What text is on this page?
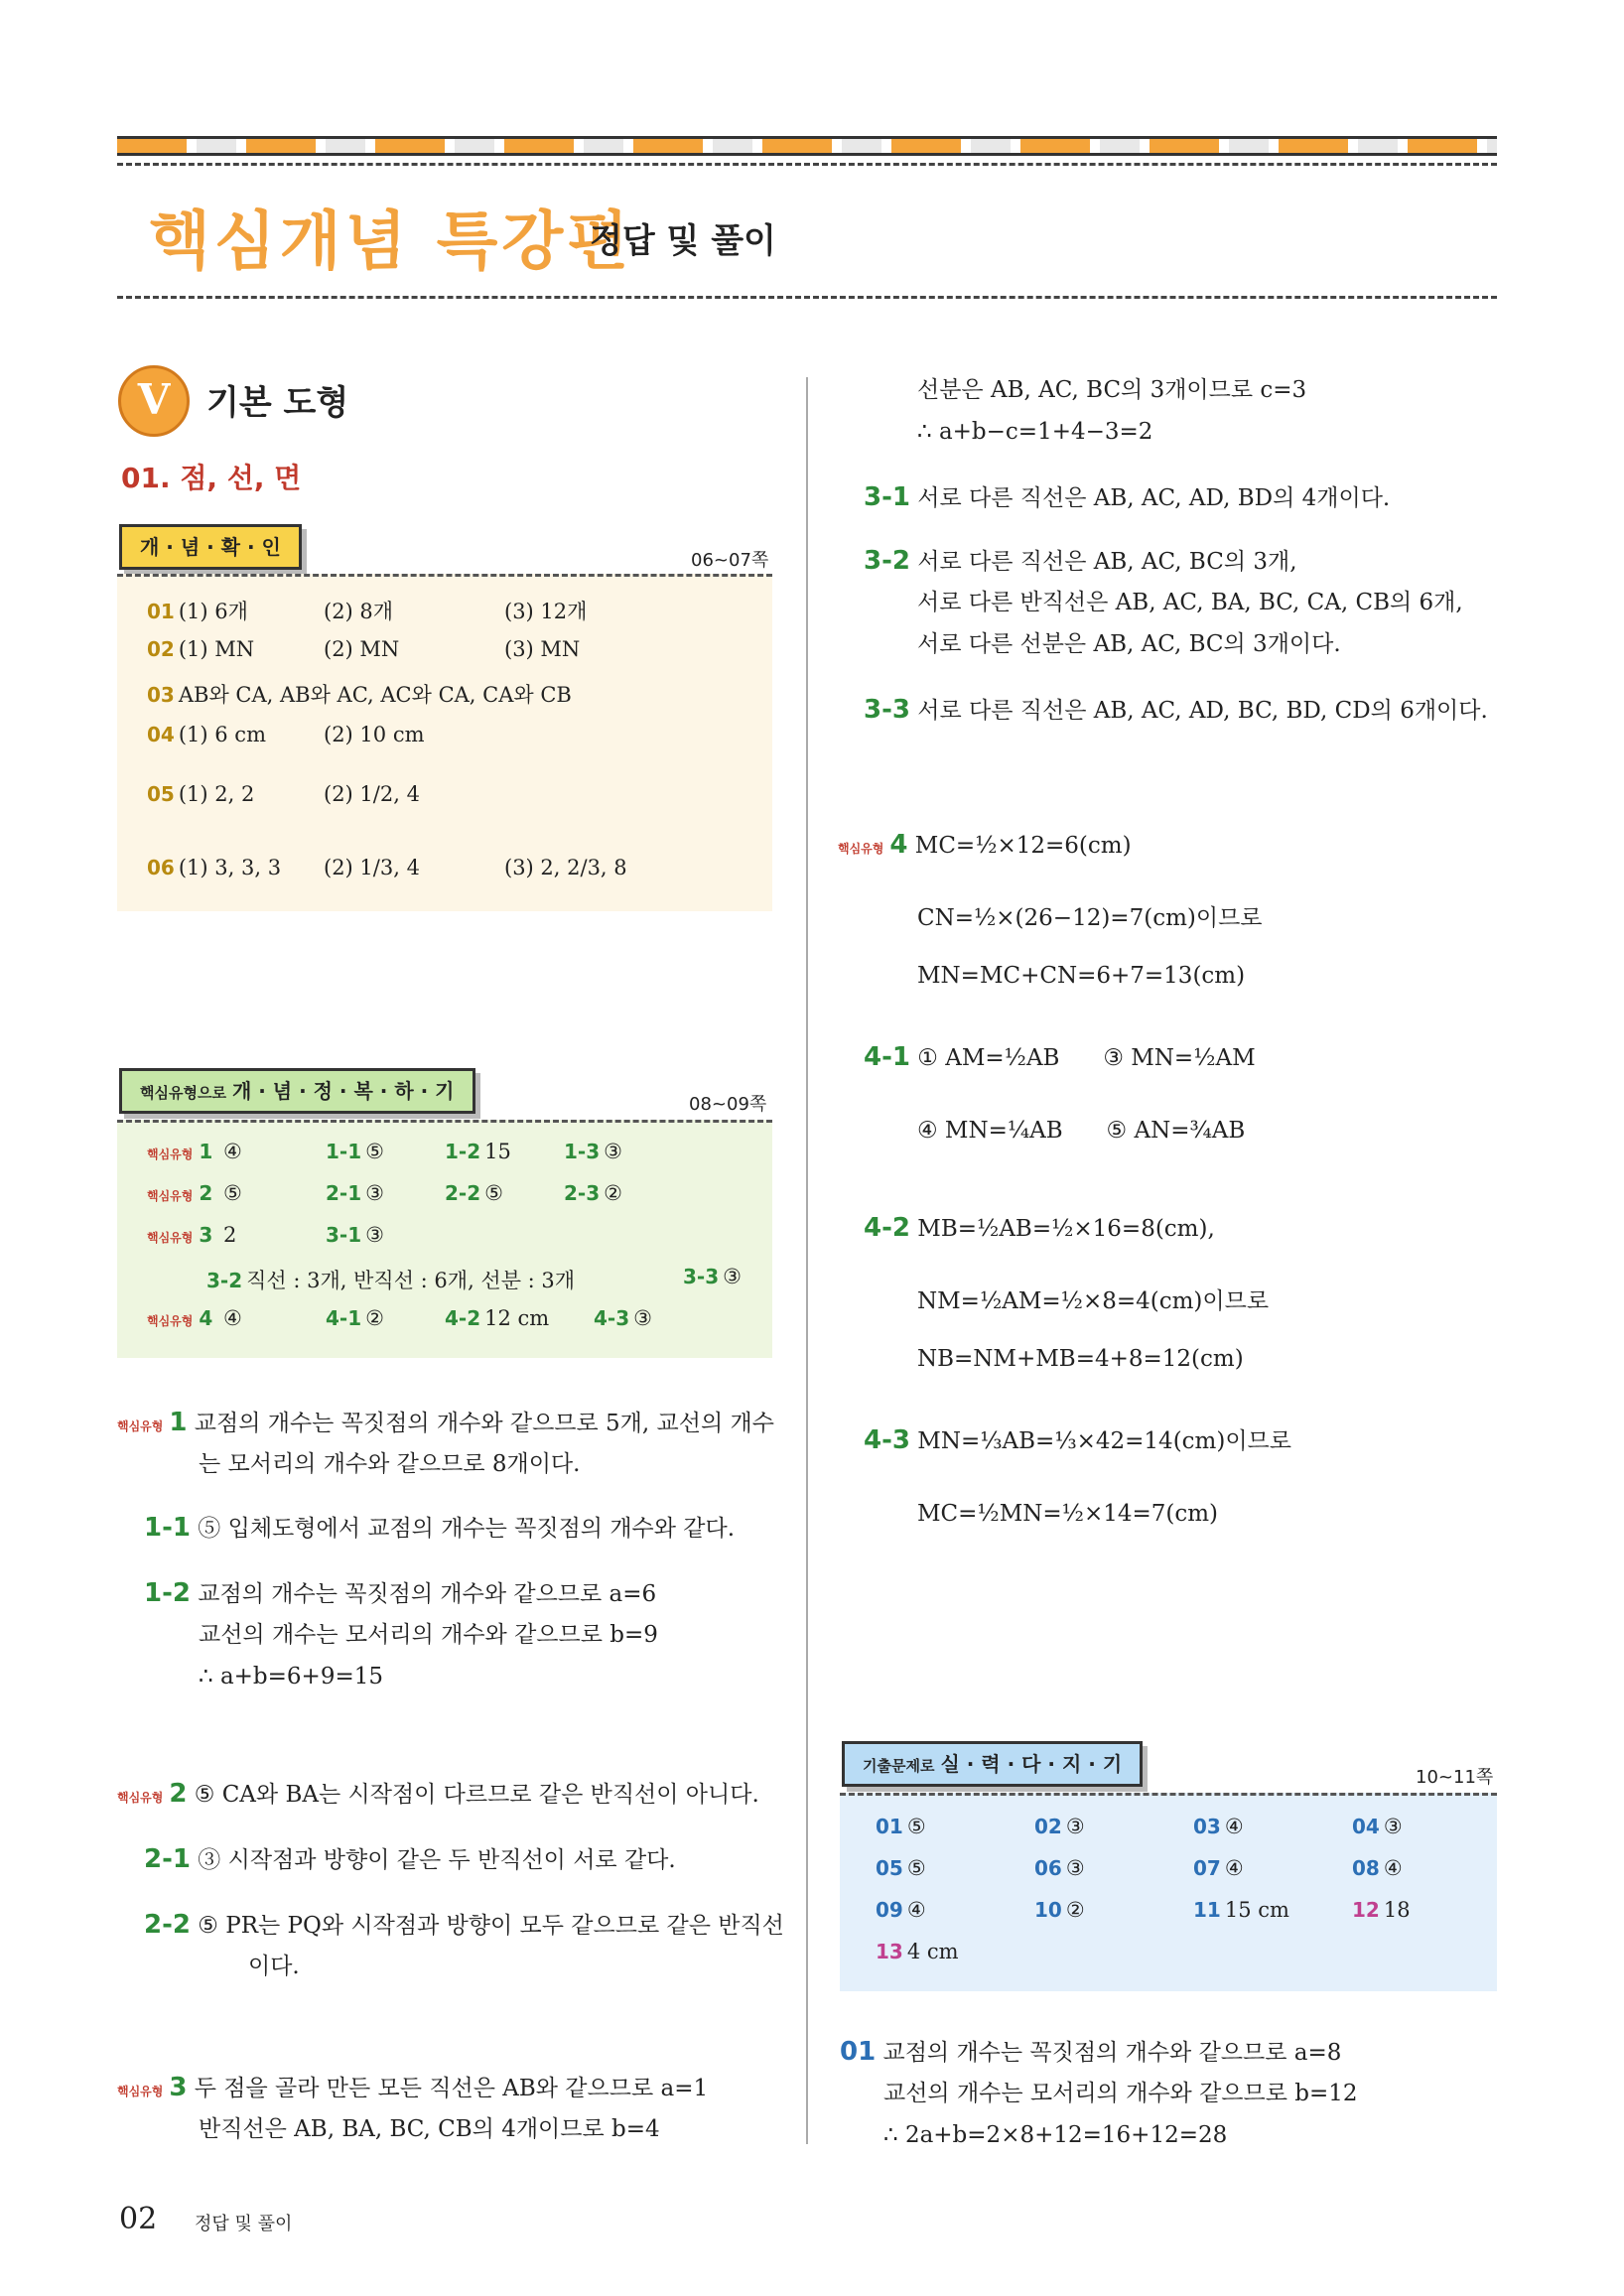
핵심개념 특강편
정답 및 풀이
V	기본 도형
01. 점, 선, 면
개 · 념 · 확 · 인
06~07쪽
01 (1) 6개	(2) 8개	(3) 12개
02 (1) MN	(2) MN	(3) MN
03 AB와 CA, AB와 AC, AC와 CA, CA와 CB
04 (1) 6 cm	(2) 10 cm
05 (1) 2, 2	(2) 1/2, 4
06 (1) 3, 3, 3 (2) 1/3, 4	(3) 2, 2/3, 8
핵심유형으로 개 · 념 · 정 · 복 · 하 · 기
08~09쪽
핵심유형 1 ④	1-1 ⑤	1-2 15	1-3 ③
핵심유형 2 ⑤	2-1 ③	2-2 ⑤	2-3 ②
핵심유형 3 2	3-1 ③
3-2 직선 : 3개, 반직선 : 6개, 선분 : 3개	3-3 ③
핵심유형 4 ④	4-1 ②	4-2 12 cm 4-3 ③
핵심유형 1 교점의 개수는 꼭짓점의 개수와 같으므로 5개, 교선의 개수
는 모서리의 개수와 같으므로 8개이다.
1-1 ⑤ 입체도형에서 교점의 개수는 꼭짓점의 개수와 같다.
1-2 교점의 개수는 꼭짓점의 개수와 같으므로 a=6
교선의 개수는 모서리의 개수와 같으므로 b=9
∴ a+b=6+9=15
핵심유형 2 ⑤ CA와 BA는 시작점이 다르므로 같은 반직선이 아니다.
2-1 ③ 시작점과 방향이 같은 두 반직선이 서로 같다.
2-2 ⑤ PR는 PQ와 시작점과 방향이 모두 같으므로 같은 반직선
이다.
핵심유형 3 두 점을 골라 만든 모든 직선은 AB와 같으므로 a=1
반직선은 AB, BA, BC, CB의 4개이므로 b=4
선분은 AB, AC, BC의 3개이므로 c=3
∴ a+b−c=1+4−3=2
3-1 서로 다른 직선은 AB, AC, AD, BD의 4개이다.
3-2 서로 다른 직선은 AB, AC, BC의 3개,
서로 다른 반직선은 AB, AC, BA, BC, CA, CB의 6개,
서로 다른 선분은 AB, AC, BC의 3개이다.
3-3 서로 다른 직선은 AB, AC, AD, BC, BD, CD의 6개이다.
핵심유형 4 MC=½×12=6(cm)
CN=½×(26−12)=7(cm)이므로
MN=MC+CN=6+7=13(cm)
4-1 ① AM=½AB      ③ MN=½AM
④ MN=¼AB      ⑤ AN=¾AB
4-2 MB=½AB=½×16=8(cm),
NM=½AM=½×8=4(cm)이므로
NB=NM+MB=4+8=12(cm)
4-3 MN=⅓AB=⅓×42=14(cm)이므로
MC=½MN=½×14=7(cm)
기출문제로 실 · 력 · 다 · 지 · 기
10~11쪽
01 ⑤	02 ③	03 ④	04 ③
05 ⑤	06 ③	07 ④	08 ④
09 ④	10 ②	11 15 cm	12 18
13 4 cm
01 교점의 개수는 꼭짓점의 개수와 같으므로 a=8
교선의 개수는 모서리의 개수와 같으므로 b=12
∴ 2a+b=2×8+12=16+12=28
02 정답 및 풀이
